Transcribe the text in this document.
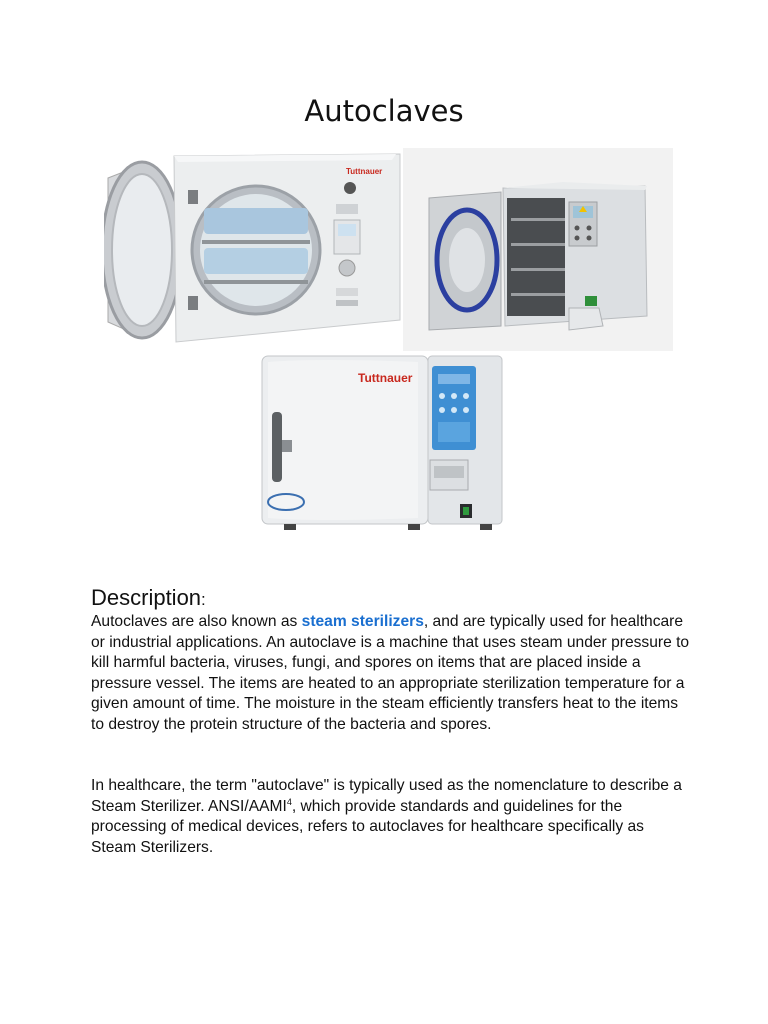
Autoclaves
Tuttnauer
Tuttnauer
Description:

Autoclaves are also known as steam sterilizers, and are typically used for healthcare or industrial applications. An autoclave is a machine that uses steam under pressure to kill harmful bacteria, viruses, fungi, and spores on items that are placed inside a pressure vessel. The items are heated to an appropriate sterilization temperature for a given amount of time. The moisture in the steam efficiently transfers heat to the items to destroy the protein structure of the bacteria and spores.

In healthcare, the term "autoclave" is typically used as the nomenclature to describe a Steam Sterilizer. ANSI/AAMI$^4$, which provide standards and guidelines for the processing of medical devices, refers to autoclaves for healthcare specifically as Steam Sterilizers.
